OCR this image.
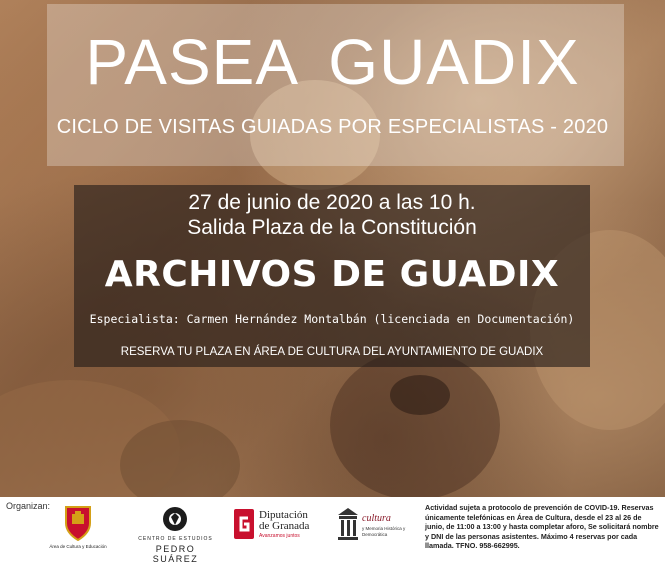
PASEA GUADIX
CICLO DE VISITAS GUIADAS POR ESPECIALISTAS - 2020
27 de junio de 2020 a las 10 h.
Salida Plaza de la Constitución
ARCHIVOS DE GUADIX
Especialista: Carmen Hernández Montalbán (licenciada en Documentación)
RESERVA TU PLAZA EN ÁREA DE CULTURA DEL AYUNTAMIENTO DE GUADIX
Organizan:
Área de Cultura y Educación
CENTRO DE ESTUDIOS
PEDRO SUÁREZ
Diputación
de Granada
Avanzamos juntos
cultura
y Memoria Histórica y Democrática
Actividad sujeta a protocolo de prevención de COVID-19. Reservas únicamente telefónicas en Área de Cultura, desde el 23 al 26 de junio, de 11:00 a 13:00 y hasta completar aforo, Se solicitará nombre y DNI de las personas asistentes. Máximo 4 reservas por cada llamada. TFNO. 958-662995.
